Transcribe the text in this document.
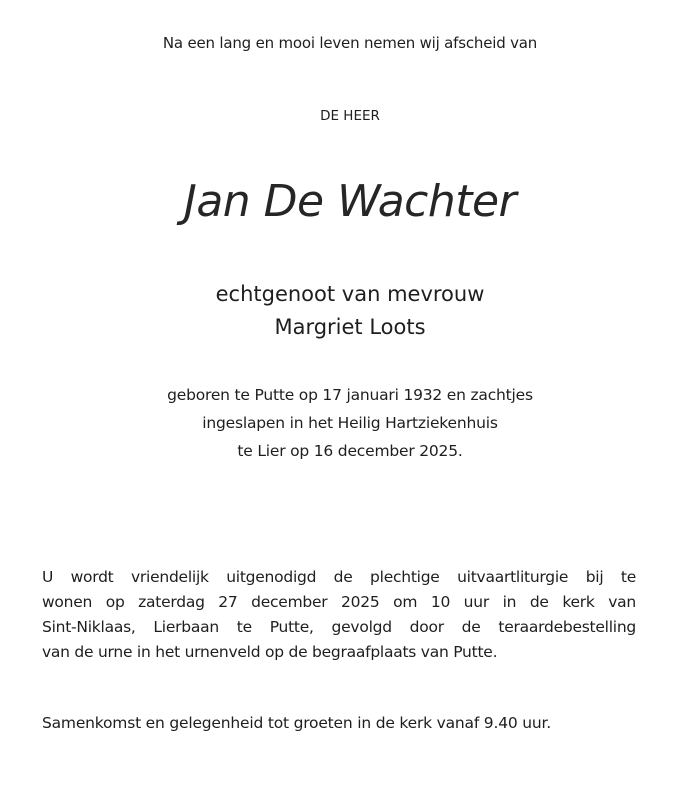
Na een lang en mooi leven nemen wij afscheid van
DE HEER
Jan De Wachter
echtgenoot van mevrouw
Margriet Loots
geboren te Putte op 17 januari 1932 en zachtjes
ingeslapen in het Heilig Hartziekenhuis
te Lier op 16 december 2025.
U wordt vriendelijk uitgenodigd de plechtige uitvaartliturgie bij te
wonen op zaterdag 27 december 2025 om 10 uur in de kerk van
Sint-Niklaas, Lierbaan te Putte, gevolgd door de teraardebestelling
van de urne in het urnenveld op de begraafplaats van Putte.
Samenkomst en gelegenheid tot groeten in de kerk vanaf 9.40 uur.
